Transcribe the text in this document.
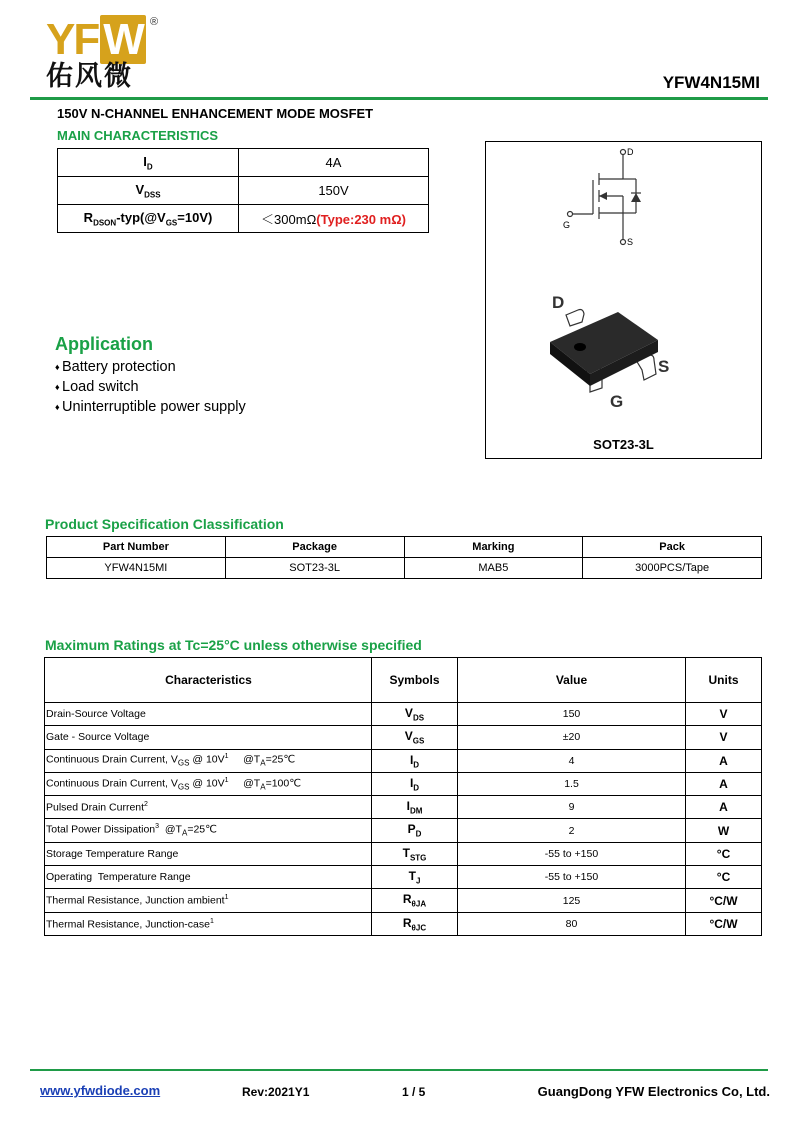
YF W ®
佑风微	YFW4N15MI
150V N-CHANNEL ENHANCEMENT MODE MOSFET
MAIN CHARACTERISTICS
$I_D$	4A
$V_{DSS}$	150V
$R_{DSON}-typ(@V_{GS}=10V)$	＜300mΩ(Type:230 mΩ)
D
G
S
D
S
G
SOT23-3L
Application
♦ Battery protection
♦ Load switch
♦ Uninterruptible power supply
Product Specification Classification
Part Number	Package	Marking	Pack
YFW4N15MI	SOT23-3L	MAB5	3000PCS/Tape
Maximum Ratings at Tc=25°C unless otherwise specified
Characteristics	Symbols	Value	Units
Drain-Source Voltage	$V_{DS}$	150	V
Gate - Source Voltage	$V_{GS}$	±20	V
Continuous Drain Current, $V_{GS}$ @ $10V^1$     $@T_A=25℃$	$I_D$	4	A
Continuous Drain Current, $V_{GS}$ @ $10V^1$     $@T_A=100℃$	$I_D$	1.5	A
Pulsed Drain Current$^2$	$I_{DM}$	9	A
Total Power Dissipation$^3$  $@T_A=25℃$	$P_D$	2	W
Storage Temperature Range	$T_{STG}$	-55 to +150	°C
Operating  Temperature Range	$T_J$	-55 to +150	°C
Thermal Resistance, Junction ambient$^1$	$R_{\theta JA}$	125	°C/W
Thermal Resistance, Junction-case$^1$	$R_{\theta JC}$	80	°C/W
www.yfwdiode.com	Rev:2021Y1	1 / 5	GuangDong YFW Electronics Co, Ltd.
